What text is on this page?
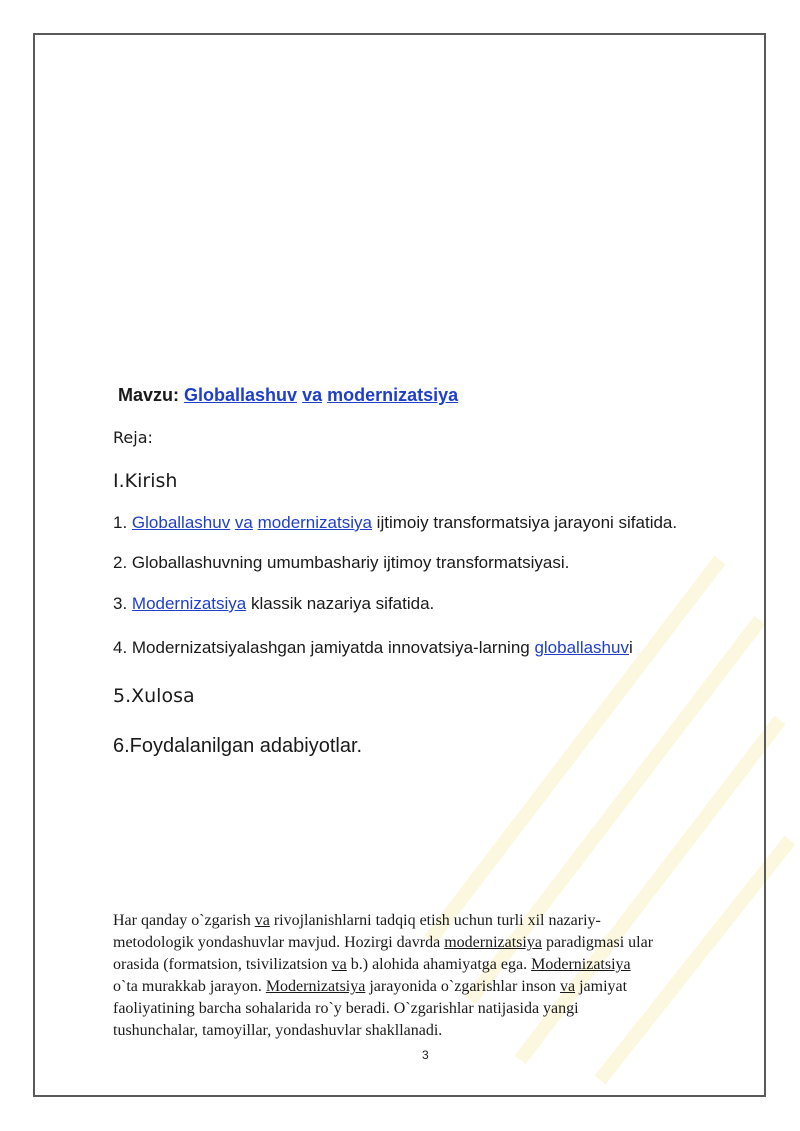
Mavzu: Globallashuv va modernizatsiya
Reja:
I.Kirish
1. Globallashuv va modernizatsiya ijtimoiy transformatsiya jarayoni sifatida.
2. Globallashuvning umumbashariy ijtimoy transformatsiyasi.
3. Modernizatsiya klassik nazariya sifatida.
4. Modernizatsiyalashgan jamiyatda innovatsiya-larning globallashuvi
5.Xulosa
6.Foydalanilgan adabiyotlar.
Har qanday o`zgarish va rivojlanishlarni tadqiq etish uchun turli xil nazariy-
metodologik yondashuvlar mavjud. Hozirgi davrda modernizatsiya paradigmasi ular
orasida (formatsion, tsivilizatsion va b.) alohida ahamiyatga ega. Modernizatsiya
o`ta murakkab jarayon. Modernizatsiya jarayonida o`zgarishlar inson va jamiyat
faoliyatining barcha sohalarida ro`y beradi. O`zgarishlar natijasida yangi
tushunchalar, tamoyillar, yondashuvlar shakllanadi.
3
